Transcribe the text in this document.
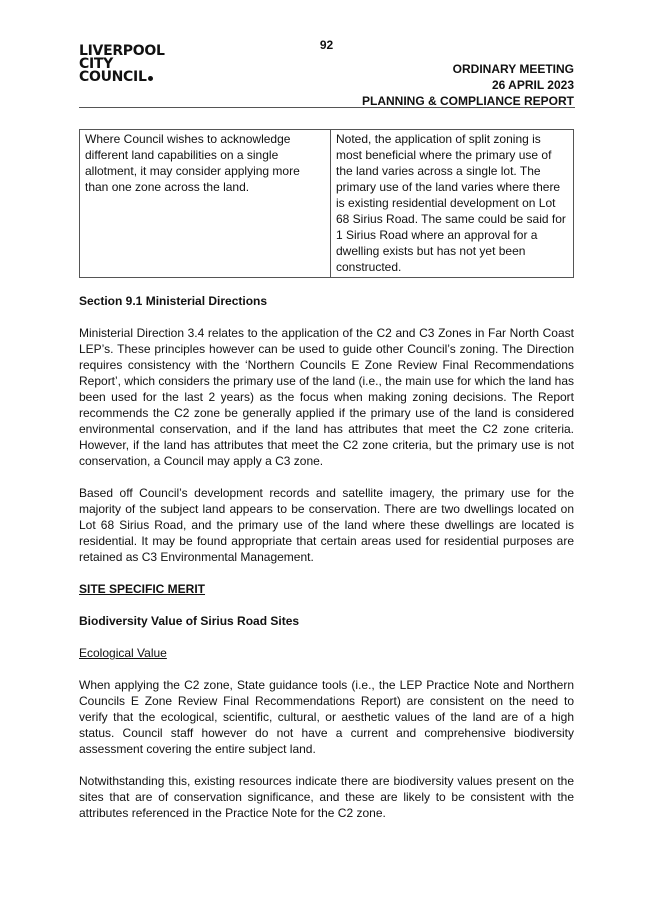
92
LIVERPOOL
CITY
COUNCIL	ORDINARY MEETING
26 APRIL 2023
PLANNING & COMPLIANCE REPORT
Where Council wishes to acknowledge different land capabilities on a single allotment, it may consider applying more than one zone across the land.	Noted, the application of split zoning is most beneficial where the primary use of the land varies across a single lot. The primary use of the land varies where there is existing residential development on Lot 68 Sirius Road. The same could be said for 1 Sirius Road where an approval for a dwelling exists but has not yet been constructed.
Section 9.1 Ministerial Directions

Ministerial Direction 3.4 relates to the application of the C2 and C3 Zones in Far North Coast LEP’s. These principles however can be used to guide other Council’s zoning. The Direction requires consistency with the ‘Northern Councils E Zone Review Final Recommendations Report’, which considers the primary use of the land (i.e., the main use for which the land has been used for the last 2 years) as the focus when making zoning decisions. The Report recommends the C2 zone be generally applied if the primary use of the land is considered environmental conservation, and if the land has attributes that meet the C2 zone criteria. However, if the land has attributes that meet the C2 zone criteria, but the primary use is not conservation, a Council may apply a C3 zone.

Based off Council’s development records and satellite imagery, the primary use for the majority of the subject land appears to be conservation. There are two dwellings located on Lot 68 Sirius Road, and the primary use of the land where these dwellings are located is residential. It may be found appropriate that certain areas used for residential purposes are retained as C3 Environmental Management.

SITE SPECIFIC MERIT
Biodiversity Value of Sirius Road Sites
Ecological Value

When applying the C2 zone, State guidance tools (i.e., the LEP Practice Note and Northern Councils E Zone Review Final Recommendations Report) are consistent on the need to verify that the ecological, scientific, cultural, or aesthetic values of the land are of a high status. Council staff however do not have a current and comprehensive biodiversity assessment covering the entire subject land.

Notwithstanding this, existing resources indicate there are biodiversity values present on the sites that are of conservation significance, and these are likely to be consistent with the attributes referenced in the Practice Note for the C2 zone.
